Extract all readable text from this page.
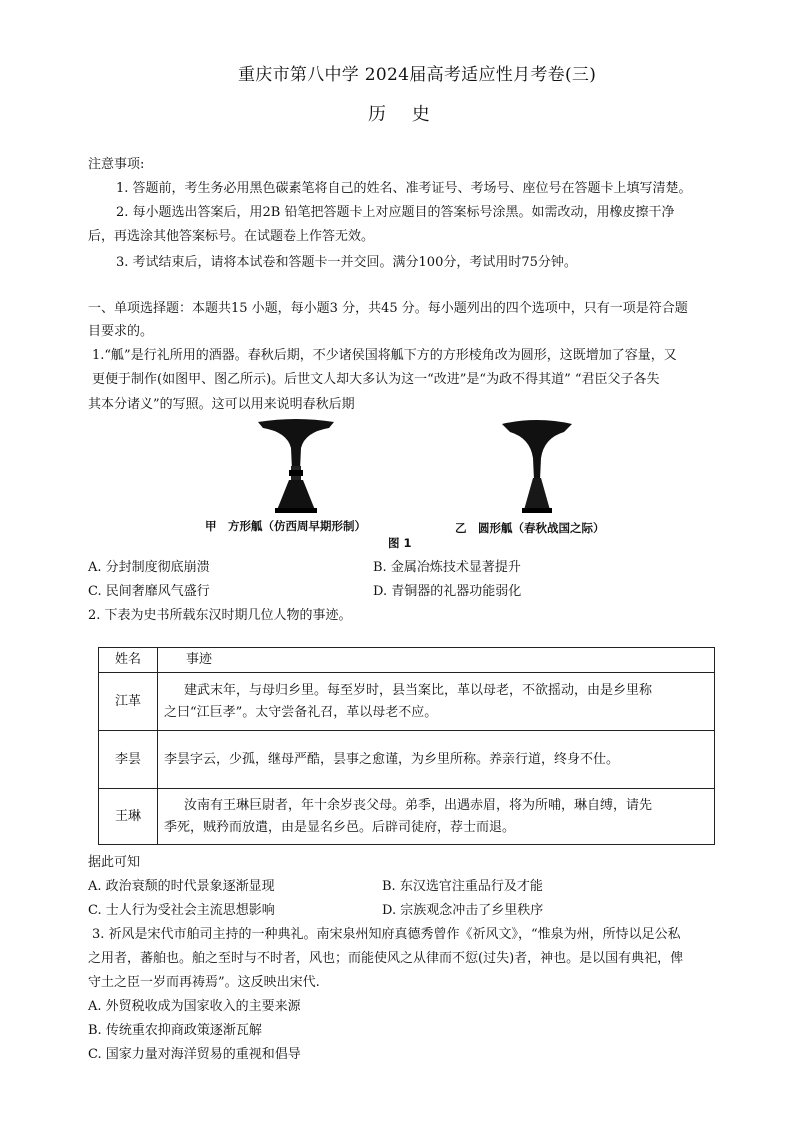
重庆市第八中学 2024届高考适应性月考卷(三)
历 史
注意事项:
1. 答题前，考生务必用黑色碳素笔将自己的姓名、准考证号、考场号、座位号在答题卡上填写清楚。
2. 每小题选出答案后，用2B 铅笔把答题卡上对应题目的答案标号涂黑。如需改动，用橡皮擦干净
后，再选涂其他答案标号。在试题卷上作答无效。
3. 考试结束后，请将本试卷和答题卡一并交回。满分100分，考试用时75分钟。
一、单项选择题：本题共15 小题，每小题3 分，共45 分。每小题列出的四个选项中，只有一项是符合题
目要求的。
1.“觚”是行礼所用的酒器。春秋后期，不少诸侯国将觚下方的方形棱角改为圆形，这既增加了容量，又
更便于制作(如图甲、图乙所示)。后世文人却大多认为这一“改进”是“为政不得其道” “君臣父子各失
其本分诸义”的写照。这可以用来说明春秋后期
甲　方形觚（仿西周早期形制）	乙　圆形觚（春秋战国之际）
图 1
A. 分封制度彻底崩溃	B. 金属冶炼技术显著提升
C. 民间奢靡风气盛行	D. 青铜器的礼器功能弱化
2. 下表为史书所载东汉时期几位人物的事迹。
姓名	事迹
江革	建武末年，与母归乡里。每至岁时，县当案比，革以母老，不欲摇动，由是乡里称
之曰“江巨孝”。太守尝备礼召，革以母老不应。

李昙	李昙字云，少孤，继母严酷，昙事之愈谨，为乡里所称。养亲行道，终身不仕。

王琳	汝南有王琳巨尉者，年十余岁丧父母。弟季，出遇赤眉，将为所哺，琳自缚，请先
季死，贼矜而放遣，由是显名乡邑。后辟司徒府，荐士而退。
据此可知
A. 政治衰颓的时代景象逐渐显现	B. 东汉选官注重品行及才能
C. 士人行为受社会主流思想影响	D. 宗族观念冲击了乡里秩序
3. 祈风是宋代市舶司主持的一种典礼。南宋泉州知府真德秀曾作《祈风文》，“惟泉为州，所恃以足公私
之用者，蕃舶也。舶之至时与不时者，风也；而能使风之从律而不愆(过失)者，神也。是以国有典祀，俾
守土之臣一岁而再祷焉”。这反映出宋代.
A. 外贸税收成为国家收入的主要来源
B. 传统重农抑商政策逐渐瓦解
C. 国家力量对海洋贸易的重视和倡导
